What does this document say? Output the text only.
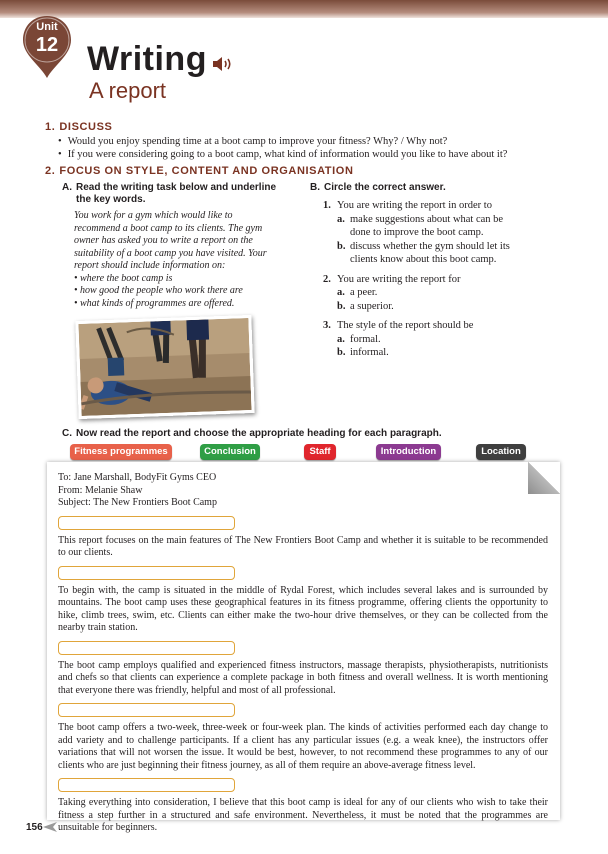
Unit
12 Writing
A report
1. DISCUSS
• Would you enjoy spending time at a boot camp to improve your fitness? Why? / Why not?
• If you were considering going to a boot camp, what kind of information would you like to have about it?
2. FOCUS ON STYLE, CONTENT AND ORGANISATION
A. Read the writing task below and underline
the key words.

You work for a gym which would like to

recommend a boot camp to its clients. The gym

owner has asked you to write a report on the

suitability of a boot camp you have visited. Your

report should include information on:

• where the boot camp is

• how good the people who work there are

• what kinds of programmes are offered.

B. Circle the correct answer.
1. You are writing the report in order to
a. make suggestions about what can be
done to improve the boot camp.
b. discuss whether the gym should let its
clients know about this boot camp.
2. You are writing the report for
a. a peer.
b. a superior.
3. The style of the report should be
a. formal.
b. informal.
C. Now read the report and choose the appropriate heading for each paragraph.
Fitness programmes	Conclusion	Staff	Introduction	Location
To: Jane Marshall, BodyFit Gyms CEO
From: Melanie Shaw
Subject: The New Frontiers Boot Camp

This report focuses on the main features of The New Frontiers Boot Camp and whether it is suitable to be recommended to our clients.

To begin with, the camp is situated in the middle of Rydal Forest, which includes several lakes and is surrounded by mountains. The boot camp uses these geographical features in its fitness programme, offering clients the opportunity to hike, climb trees, swim, etc. Clients can either make the two-hour drive themselves, or they can be collected from the nearby train station.

The boot camp employs qualified and experienced fitness instructors, massage therapists, physiotherapists, nutritionists and chefs so that clients can experience a complete package in both fitness and overall wellness. It is worth mentioning that everyone there was friendly, helpful and most of all professional.

The boot camp offers a two-week, three-week or four-week plan. The kinds of activities performed each day change to add variety and to challenge participants. If a client has any particular issues (e.g. a weak knee), the instructors offer variations that will not worsen the issue. It would be best, however, to not recommend these programmes to any of our clients who are just beginning their fitness journey, as all of them require an above-average fitness level.

Taking everything into consideration, I believe that this boot camp is ideal for any of our clients who wish to take their fitness a step further in a structured and safe environment. Nevertheless, it must be noted that the programmes are unsuitable for beginners.

156
